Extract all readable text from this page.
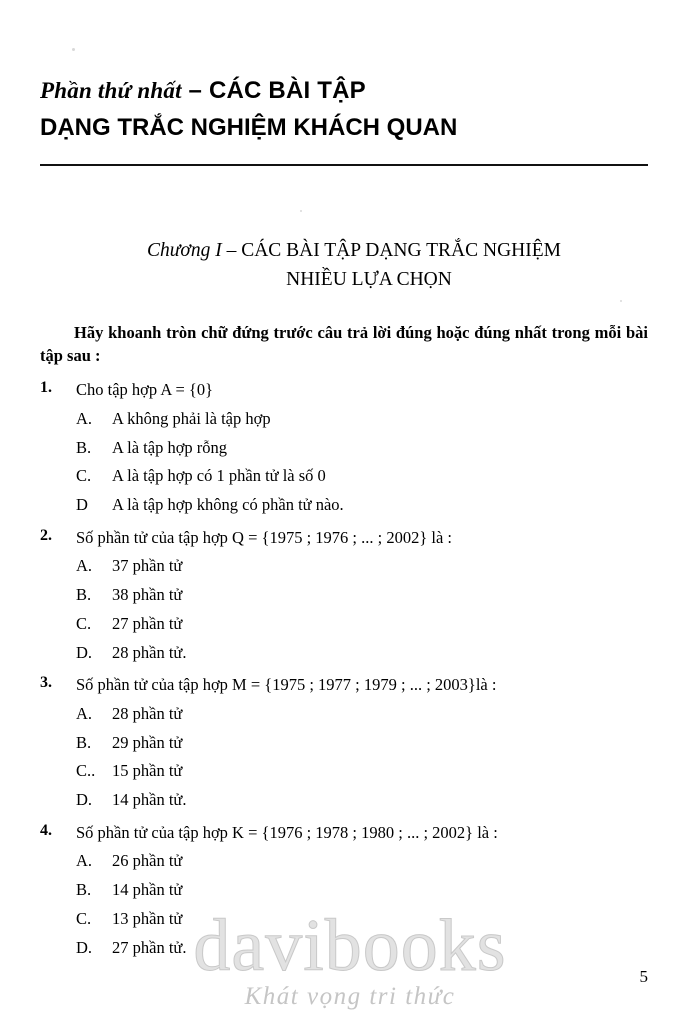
Phần thứ nhất – CÁC BÀI TẬP
DẠNG TRẮC NGHIỆM KHÁCH QUAN
Chương I – CÁC BÀI TẬP DẠNG TRẮC NGHIỆM
NHIỀU LỰA CHỌN
Hãy khoanh tròn chữ đứng trước câu trả lời đúng hoặc đúng nhất trong mỗi bài tập sau :
1.	Cho tập hợp A = {0}
A.	A không phải là tập hợp
B.	A là tập hợp rỗng
C.	A là tập hợp có 1 phần tử là số 0
D	A là tập hợp không có phần tử nào.
2.	Số phần tử của tập hợp Q = {1975 ; 1976 ; ... ; 2002} là :
A.	37 phần tử
B.	38 phần tử
C.	27 phần tử
D.	28 phần tử.
3.	Số phần tử của tập hợp M = {1975 ; 1977 ; 1979 ; ... ; 2003}là :
A.	28 phần tử
B.	29 phần tử
C..	15 phần tử
D.	14 phần tử.
4.	Số phần tử của tập hợp K = {1976 ; 1978 ; 1980 ; ... ; 2002} là :
A.	26 phần tử
B.	14 phần tử
C.	13 phần tử
D.	27 phần tử. davibooks
Khát vọng tri thức
5
